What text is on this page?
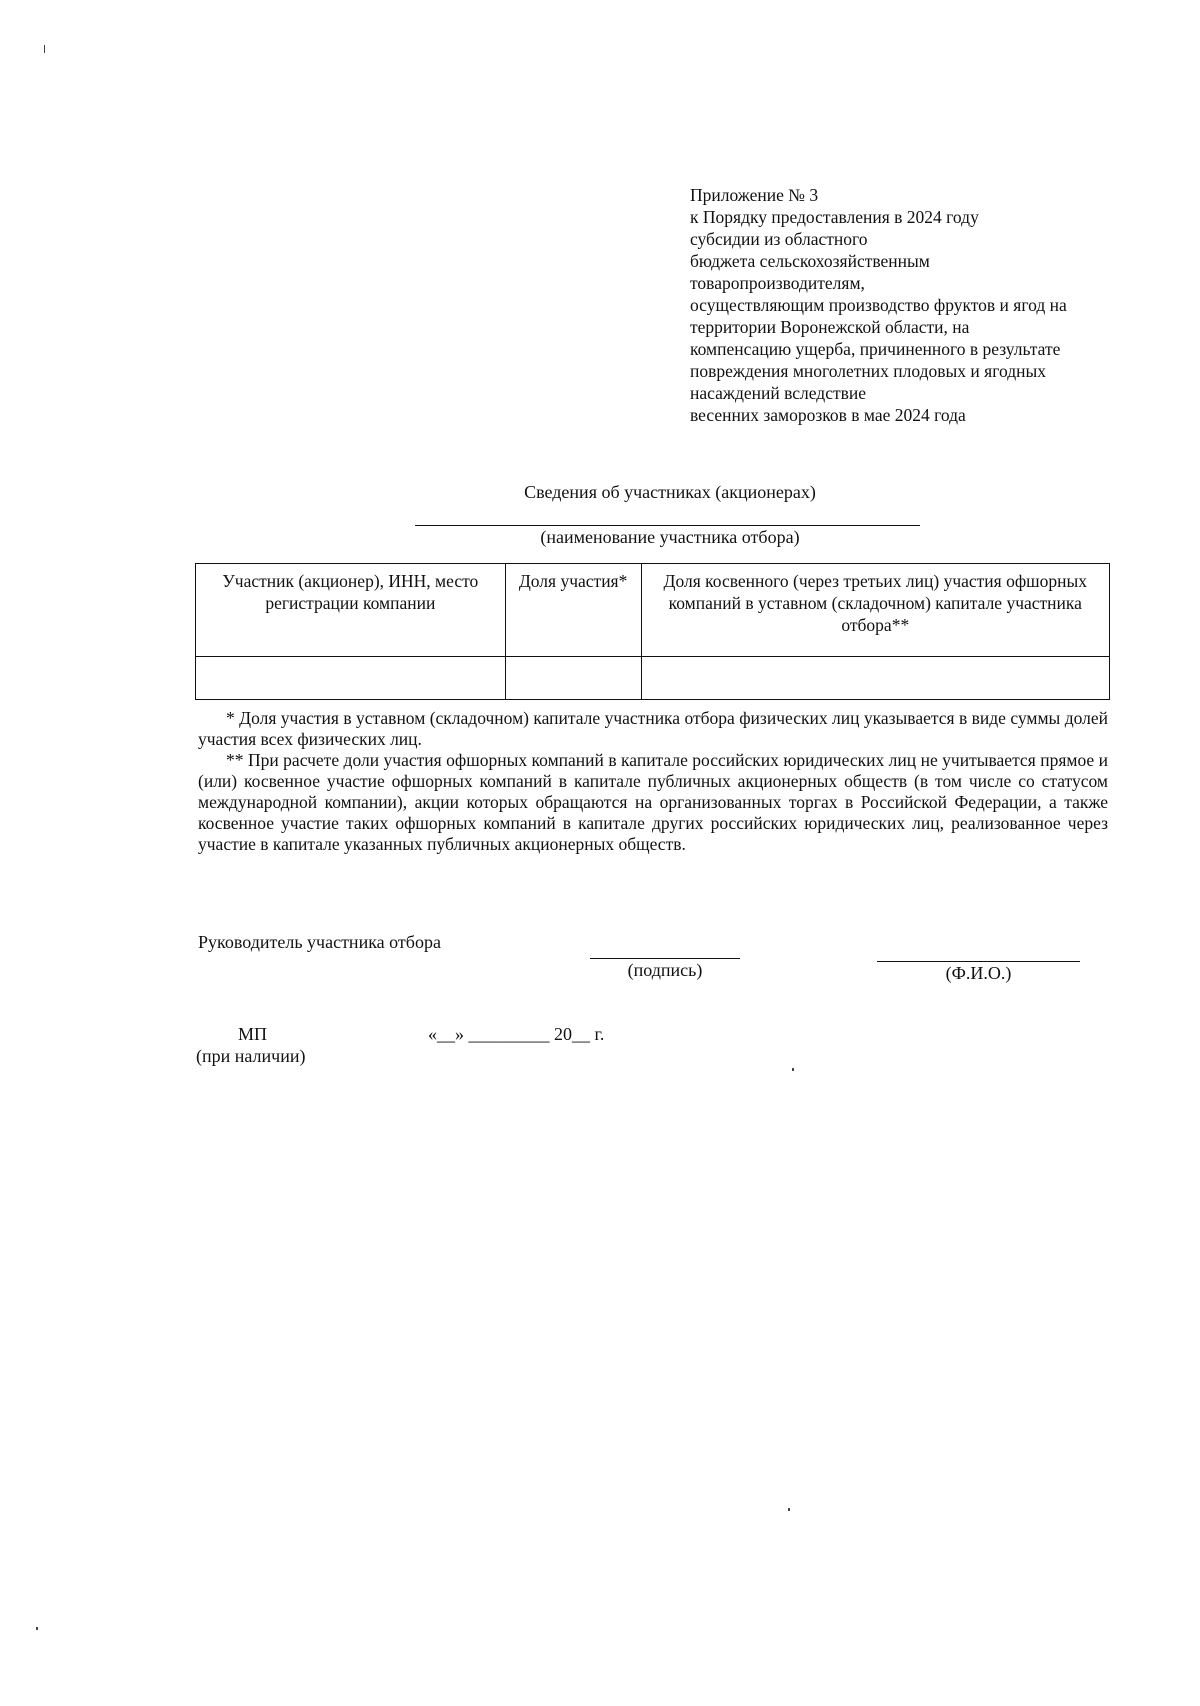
Приложение № 3
к Порядку предоставления в 2024 году
субсидии из областного
бюджета сельскохозяйственным
товаропроизводителям,
осуществляющим производство фруктов и ягод на
территории Воронежской области, на
компенсацию ущерба, причиненного в результате
повреждения многолетних плодовых и ягодных
насаждений вследствие
весенних заморозков в мае 2024 года
Сведения об участниках (акционерах)
(наименование участника отбора)
Участник (акционер), ИНН, место регистрации компании	Доля участия*	Доля косвенного (через третьих лиц) участия офшорных компаний в уставном (складочном) капитале участника отбора**

* Доля участия в уставном (складочном) капитале участника отбора физических лиц указывается в виде суммы долей участия всех физических лиц.

** При расчете доли участия офшорных компаний в капитале российских юридических лиц не учитывается прямое и (или) косвенное участие офшорных компаний в капитале публичных акционерных обществ (в том числе со статусом международной компании), акции которых обращаются на организованных торгах в Российской Федерации, а также косвенное участие таких офшорных компаний в капитале других российских юридических лиц, реализованное через участие в капитале указанных публичных акционерных обществ.

Руководитель участника отбора
(подпись)	(Ф.И.О.)
МП
(при наличии)
«__» _________ 20__ г.
